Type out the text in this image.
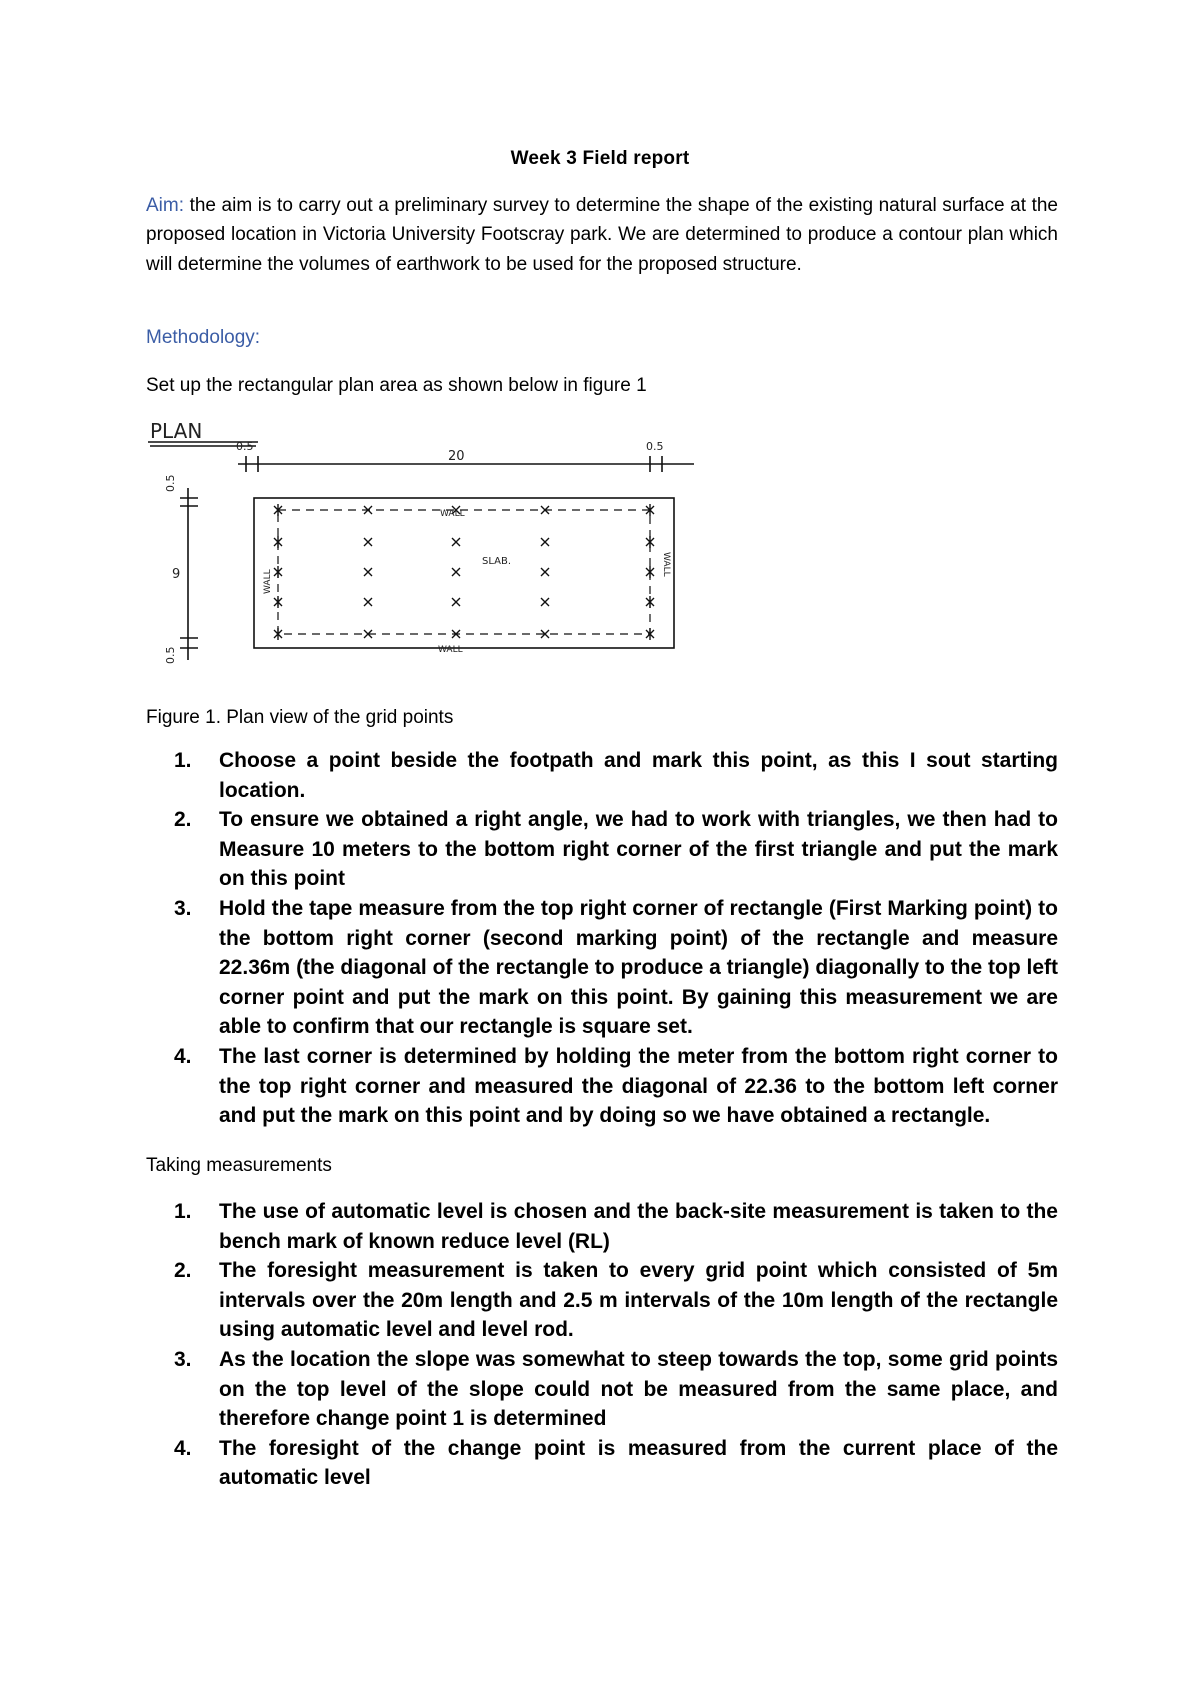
Week 3 Field report

Aim: the aim is to carry out a preliminary survey to determine the shape of the existing natural surface at the proposed location in Victoria University Footscray park. We are determined to produce a contour plan which will determine the volumes of earthwork to be used for the proposed structure.

Methodology:
Set up the rectangular plan area as shown below in figure 1
PLAN
0.5
20
0.5
0.5
9
0.5
WALL
WALL
WALL
WALL
SLAB.
Figure 1. Plan view of the grid points
1. Choose a point beside the footpath and mark this point, as this I sout starting location.
2. To ensure we obtained a right angle, we had to work with triangles, we then had to Measure 10 meters to the bottom right corner of the first triangle and put the mark on this point
3. Hold the tape measure from the top right corner of rectangle (First Marking point) to the bottom right corner (second marking point) of the rectangle and measure 22.36m (the diagonal of the rectangle to produce a triangle) diagonally to the top left corner point and put the mark on this point. By gaining this measurement we are able to confirm that our rectangle is square set.
4. The last corner is determined by holding the meter from the bottom right corner to the top right corner and measured the diagonal of 22.36 to the bottom left corner and put the mark on this point and by doing so we have obtained a rectangle.
Taking measurements
1. The use of automatic level is chosen and the back-site measurement is taken to the bench mark of known reduce level (RL)
2. The foresight measurement is taken to every grid point which consisted of 5m intervals over the 20m length and 2.5 m intervals of the 10m length of the rectangle using automatic level and level rod.
3. As the location the slope was somewhat to steep towards the top, some grid points on the top level of the slope could not be measured from the same place, and therefore change point 1 is determined
4. The foresight of the change point is measured from the current place of the automatic level
